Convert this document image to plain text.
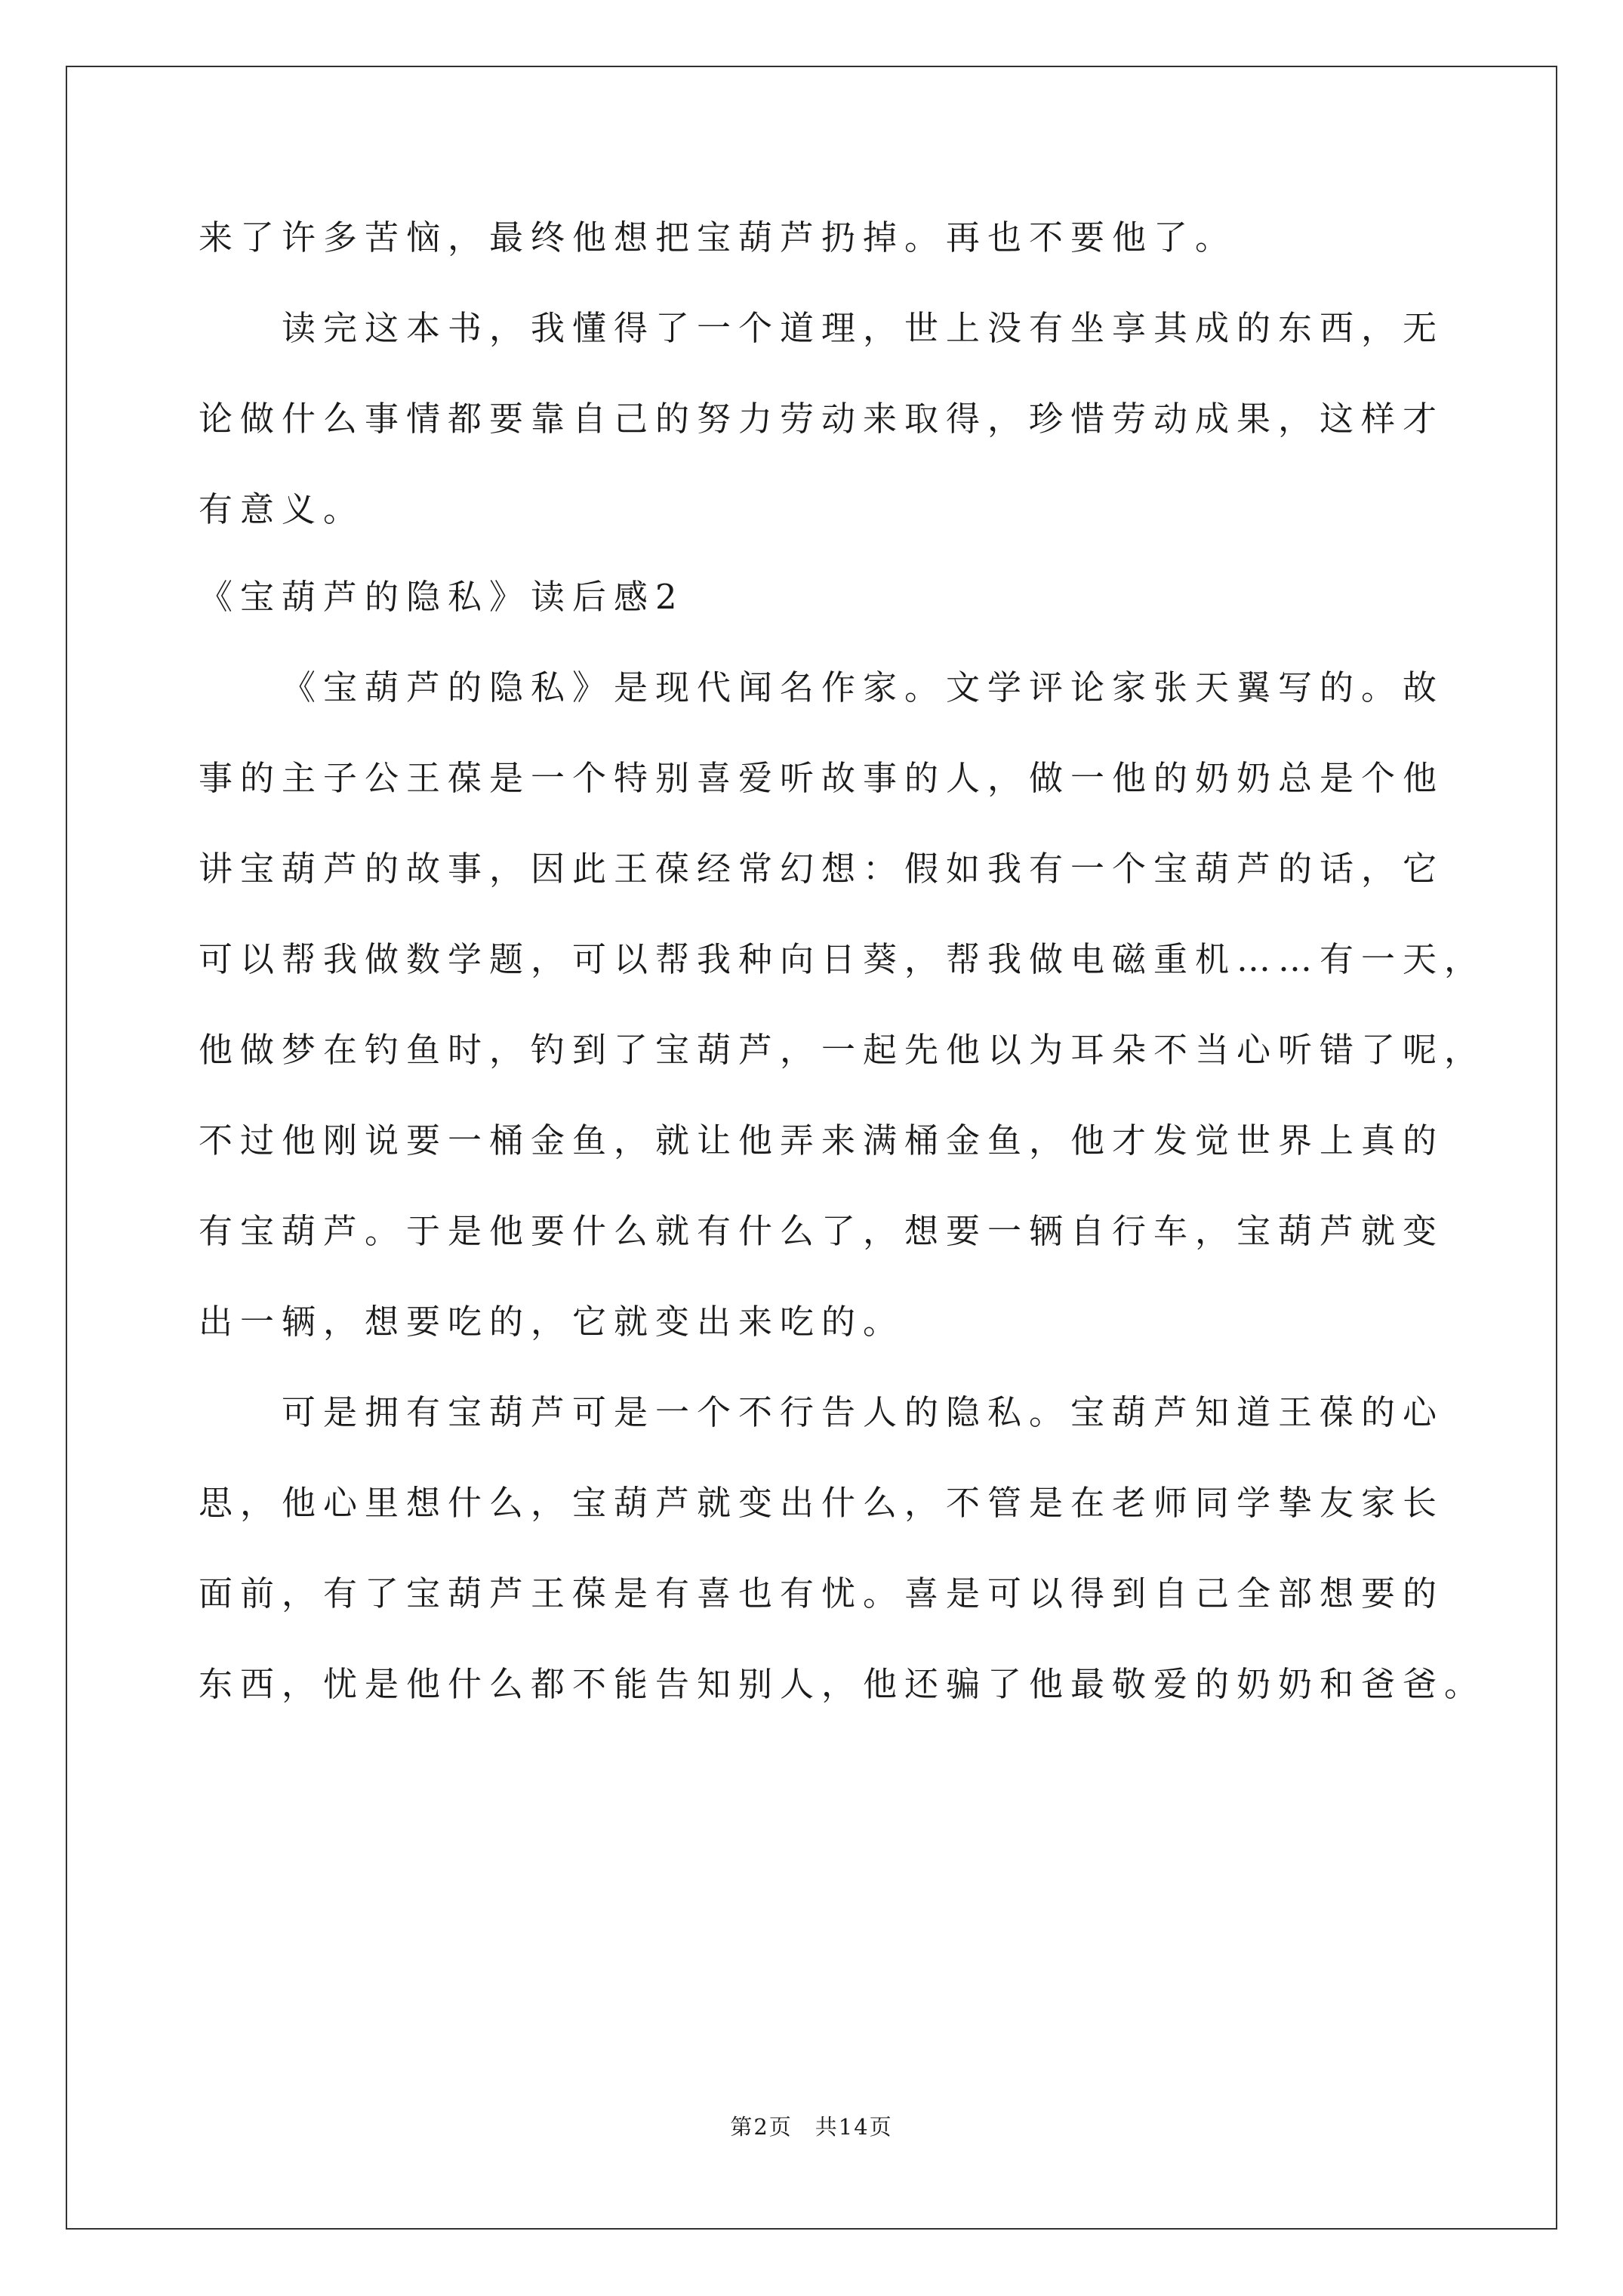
来了许多苦恼，最终他想把宝葫芦扔掉。再也不要他了。
读完这本书，我懂得了一个道理，世上没有坐享其成的东西，无
论做什么事情都要靠自己的努力劳动来取得，珍惜劳动成果，这样才
有意义。
《宝葫芦的隐私》读后感2
《宝葫芦的隐私》是现代闻名作家。文学评论家张天翼写的。故
事的主子公王葆是一个特别喜爱听故事的人，做一他的奶奶总是个他
讲宝葫芦的故事，因此王葆经常幻想：假如我有一个宝葫芦的话，它
可以帮我做数学题，可以帮我种向日葵，帮我做电磁重机……有一天，
他做梦在钓鱼时，钓到了宝葫芦，一起先他以为耳朵不当心听错了呢，
不过他刚说要一桶金鱼，就让他弄来满桶金鱼，他才发觉世界上真的
有宝葫芦。于是他要什么就有什么了，想要一辆自行车，宝葫芦就变
出一辆，想要吃的，它就变出来吃的。
可是拥有宝葫芦可是一个不行告人的隐私。宝葫芦知道王葆的心
思，他心里想什么，宝葫芦就变出什么，不管是在老师同学挚友家长
面前，有了宝葫芦王葆是有喜也有忧。喜是可以得到自己全部想要的
东西，忧是他什么都不能告知别人，他还骗了他最敬爱的奶奶和爸爸。
第2页 共14页
